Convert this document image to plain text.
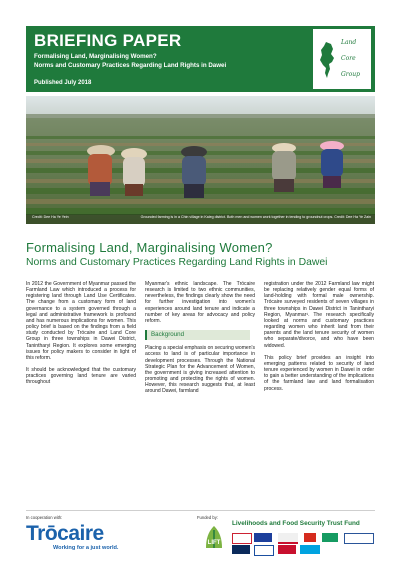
BRIEFING PAPER
Formalising Land, Marginalising Women?
Norms and Customary Practices Regarding Land Rights in Dawei
Published July 2018
Land
Core
Group
Credit: Dee Ha Ye Yein	Grounded farming is in a Chin village in Kaleg district. Both men and women work together in tending to groundnut crops. Credit: Dee Ha Ye Zain
Formalising Land, Marginalising Women?
Norms and Customary Practices Regarding Land Rights in Dawei

In 2012 the Government of Myanmar passed the Farmland Law which introduced a process for registering land through Land Use Certificates. The change from a customary form of land governance to a system governed through a legal and administrative framework is profound and has numerous implications for women. This policy brief is based on the findings from a field study conducted by Trócaire and Land Core Group in three townships in Dawei District, Tanintharyi Region. It explores some emerging issues for policy makers to consider in light of this reform.

It should be acknowledged that the customary practices governing land tenure are varied throughout

Myanmar's ethnic landscape. The Trócaire research is limited to two ethnic communities, nevertheless, the findings clearly show the need for further investigation into women's experiences around land tenure and indicate a number of key areas for advocacy and policy reform.

Background

Placing a special emphasis on securing women's access to land is of particular importance in development processes. Through the National Strategic Plan for the Advancement of Women, the government is giving increased attention to promoting and protecting the rights of women. However, this research suggests that, at least around Dawei, farmland

registration under the 2012 Farmland law might be replacing relatively gender equal forms of land-holding with formal male ownership. Trócaire surveyed residents of seven villages in three townships in Dawei District in Tanintharyi Region, Myanmar¹. The research specifically looked at norms and customary practices regarding women who inherit land from their parents and the land tenure security of women who separate/divorce, and who have been widowed.

This policy brief provides an insight into emerging patterns related to security of land tenure experienced by women in Dawei in order to gain a better understanding of the implications of the farmland law and land formalisation process.

In cooperation with:
Trōcaire
Working for a just world.
Funded by:
LIFT
Livelihoods and Food Security Trust Fund
